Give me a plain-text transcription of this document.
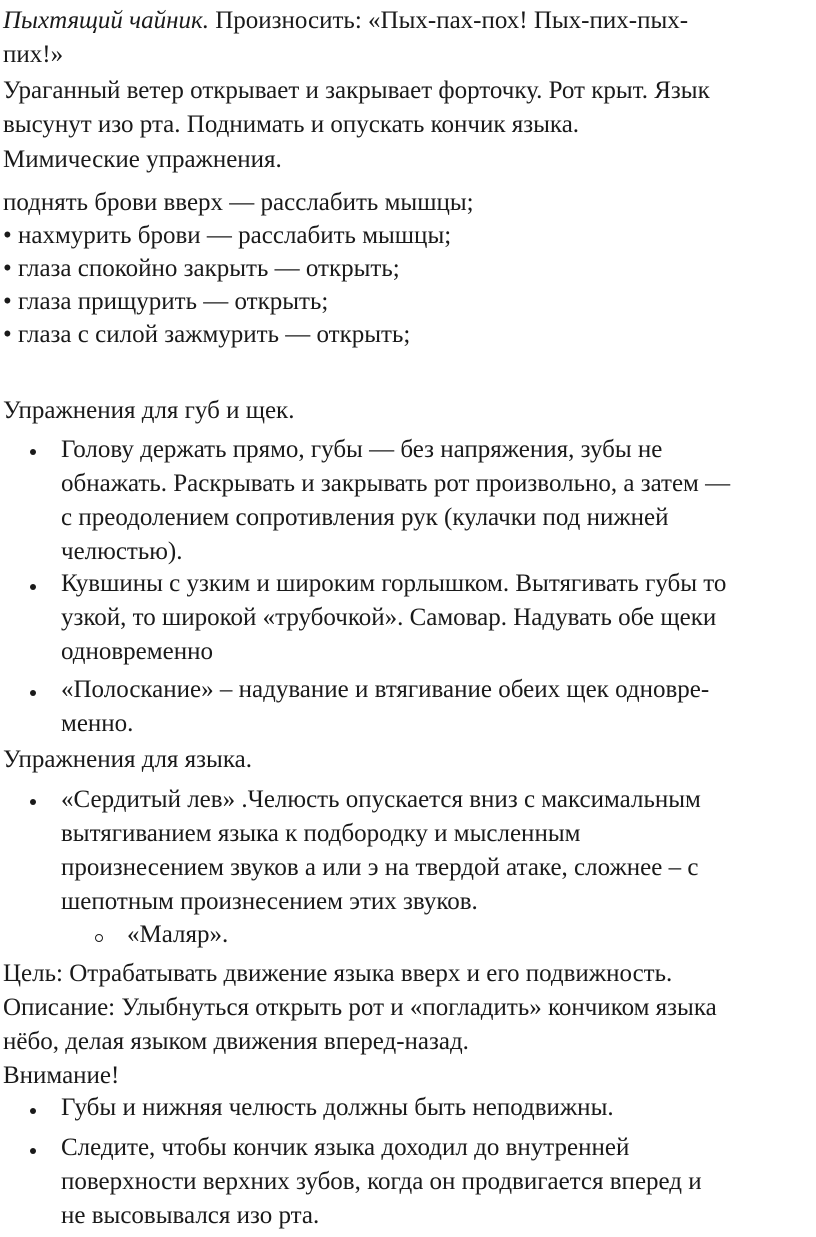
Пыхтящий чайник. Произносить: «Пых-пах-пох! Пых-пих-пых-
пих!»

Ураганный ветер открывает и закрывает форточку. Рот крыт. Язык
высунут изо рта. Поднимать и опускать кончик языка.

Мимические упражнения.

поднять брови вверх — расслабить мышцы;
• нахмурить брови — расслабить мышцы;
• глаза спокойно закрыть — открыть;
• глаза прищурить — открыть;
• глаза с силой зажмурить — открыть;

Упражнения для губ и щек.

Голову держать прямо, губы — без напряжения, зубы не
обнажать. Раскрывать и закрывать рот произвольно, а затем —
с преодолением сопротивления рук (кулачки под нижней
челюстью).

Кувшины с узким и широким горлышком. Вытягивать губы то
узкой, то широкой «трубочкой». Самовар. Надувать обе щеки
одновременно

«Полоскание» – надувание и втягивание обеих щек одновре-
менно.

Упражнения для языка.

«Сердитый лев» .Челюсть опускается вниз с максимальным
вытягиванием языка к подбородку и мысленным
произнесением звуков а или э на твердой атаке, сложнее – с
шепотным произнесением этих звуков.

«Маляр».

Цель: Отрабатывать движение языка вверх и его подвижность.
Описание: Улыбнуться открыть рот и «погладить» кончиком языка
нёбо, делая языком движения вперед-назад.
Внимание!

Губы и нижняя челюсть должны быть неподвижны.

Следите, чтобы кончик языка доходил до внутренней
поверхности верхних зубов, когда он продвигается вперед и
не высовывался изо рта.
